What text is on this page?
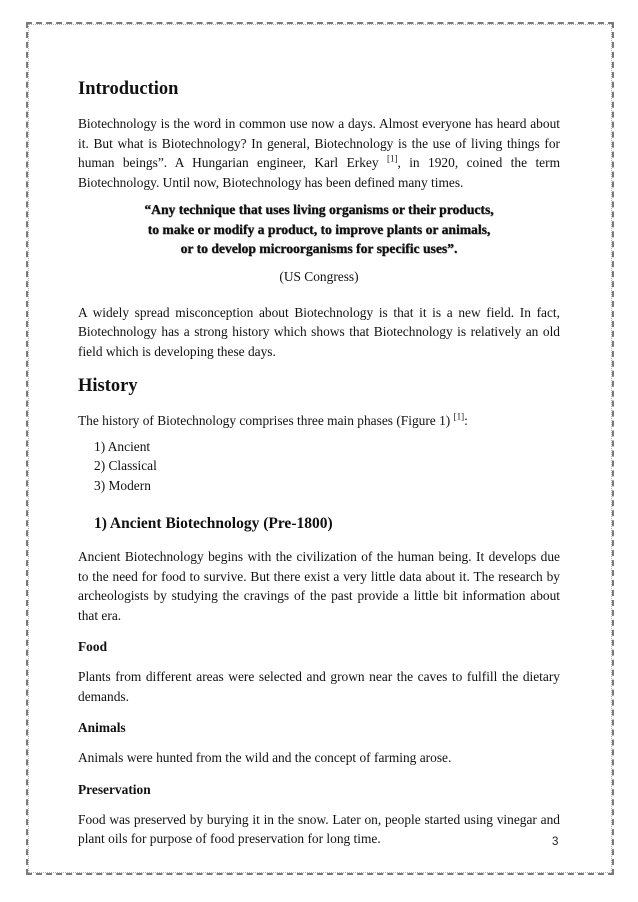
Introduction

Biotechnology is the word in common use now a days. Almost everyone has heard about it. But what is Biotechnology? In general, Biotechnology is the use of living things for human beings”. A Hungarian engineer, Karl Erkey [1], in 1920, coined the term Biotechnology. Until now, Biotechnology has been defined many times.

“Any technique that uses living organisms or their products,
to make or modify a product, to improve plants or animals,
or to develop microorganisms for specific uses”.
(US Congress)

A widely spread misconception about Biotechnology is that it is a new field. In fact, Biotechnology has a strong history which shows that Biotechnology is relatively an old field which is developing these days.

History

The history of Biotechnology comprises three main phases (Figure 1) [1]:

1) Ancient
2) Classical
3) Modern
1) Ancient Biotechnology (Pre-1800)

Ancient Biotechnology begins with the civilization of the human being. It develops due to the need for food to survive. But there exist a very little data about it. The research by archeologists by studying the cravings of the past provide a little bit information about that era.

Food

Plants from different areas were selected and grown near the caves to fulfill the dietary demands.

Animals

Animals were hunted from the wild and the concept of farming arose.

Preservation

Food was preserved by burying it in the snow. Later on, people started using vinegar and plant oils for purpose of food preservation for long time.	3
